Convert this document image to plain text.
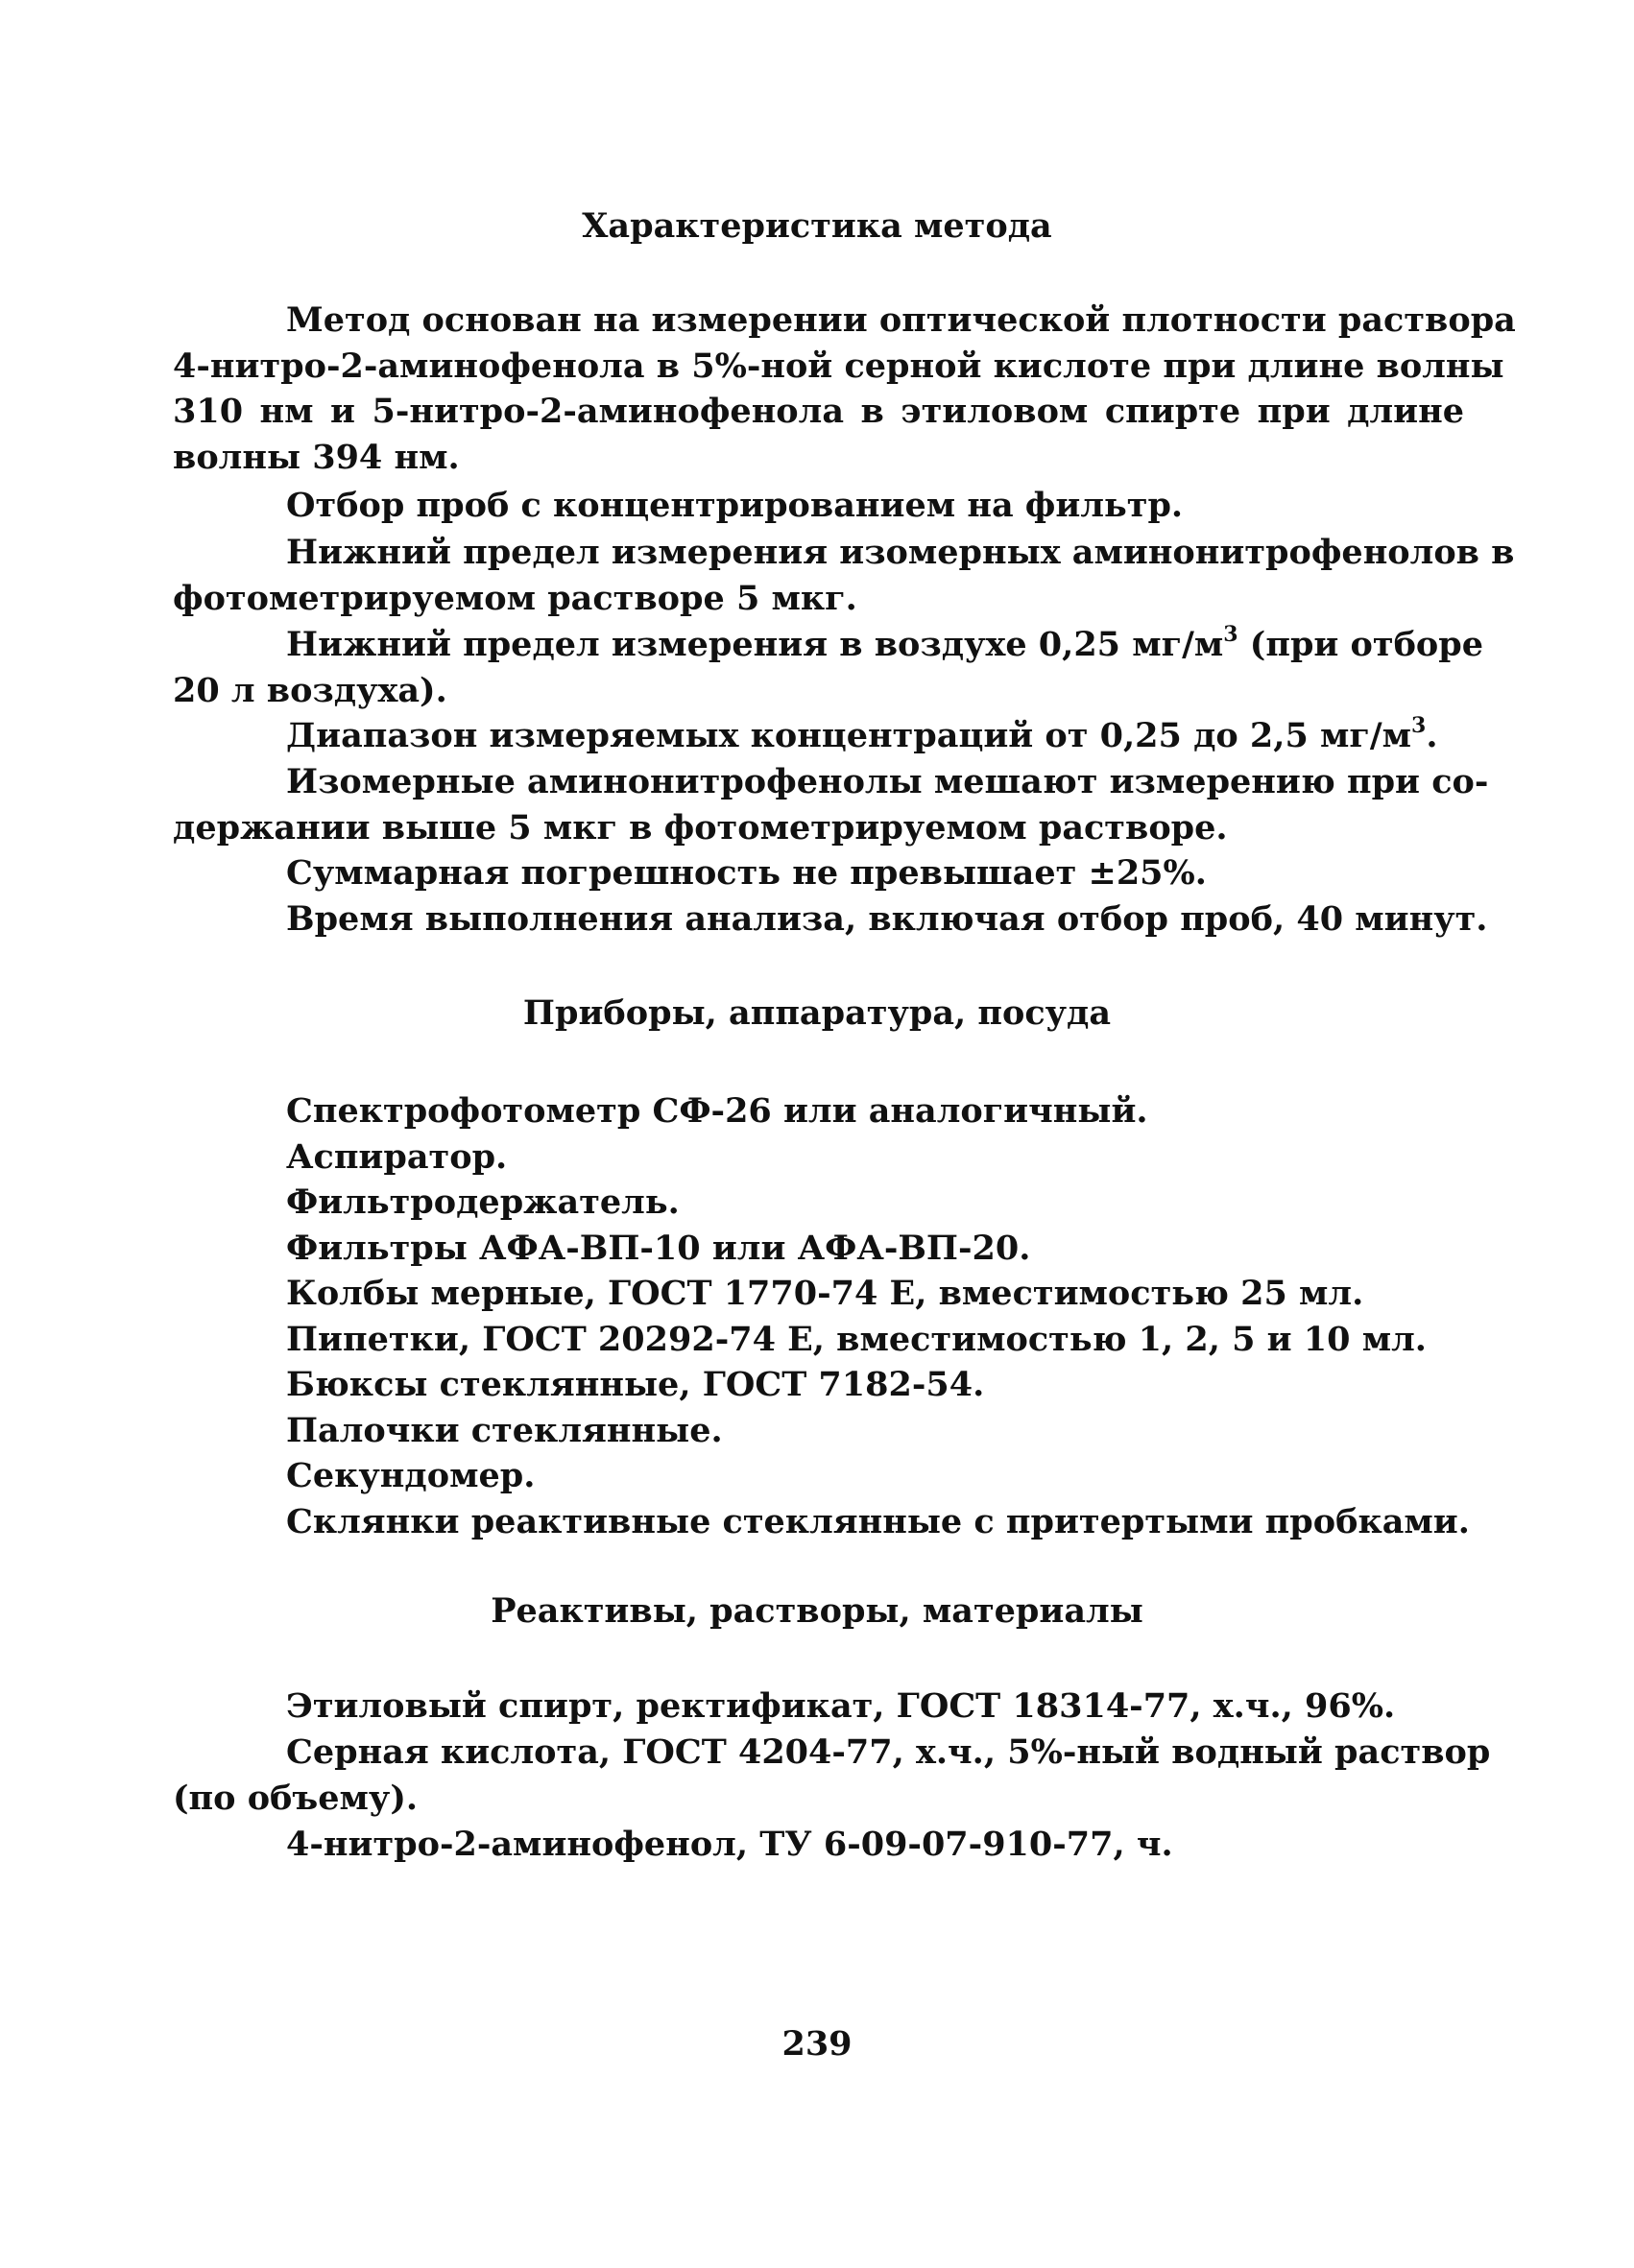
Характеристика метода
Метод основан на измерении оптической плотности раствора
4-нитро-2-аминофенола в 5%-ной серной кислоте при длине волны
310 нм и 5-нитро-2-аминофенола в этиловом спирте при длине
волны 394 нм.
Отбор проб с концентрированием на фильтр.
Нижний предел измерения изомерных аминонитрофенолов в
фотометрируемом растворе 5 мкг.
Нижний предел измерения в воздухе 0,25 $мг/м^3$ (при отборе
20 л воздуха).
Диапазон измеряемых концентраций от 0,25 до 2,5 $мг/м^3$.
Изомерные аминонитрофенолы мешают измерению при со-
держании выше 5 мкг в фотометрируемом растворе.
Суммарная погрешность не превышает ±25%.
Время выполнения анализа, включая отбор проб, 40 минут.
Приборы, аппаратура, посуда
Спектрофотометр СФ-26 или аналогичный.
Аспиратор.
Фильтродержатель.
Фильтры АФА-ВП-10 или АФА-ВП-20.
Колбы мерные, ГОСТ 1770-74 Е, вместимостью 25 мл.
Пипетки, ГОСТ 20292-74 Е, вместимостью 1, 2, 5 и 10 мл.
Бюксы стеклянные, ГОСТ 7182-54.
Палочки стеклянные.
Секундомер.
Склянки реактивные стеклянные с притертыми пробками.
Реактивы, растворы, материалы
Этиловый спирт, ректификат, ГОСТ 18314-77, х.ч., 96%.
Серная кислота, ГОСТ 4204-77, х.ч., 5%-ный водный раствор
(по объему).
4-нитро-2-аминофенол, ТУ 6-09-07-910-77, ч.
239
